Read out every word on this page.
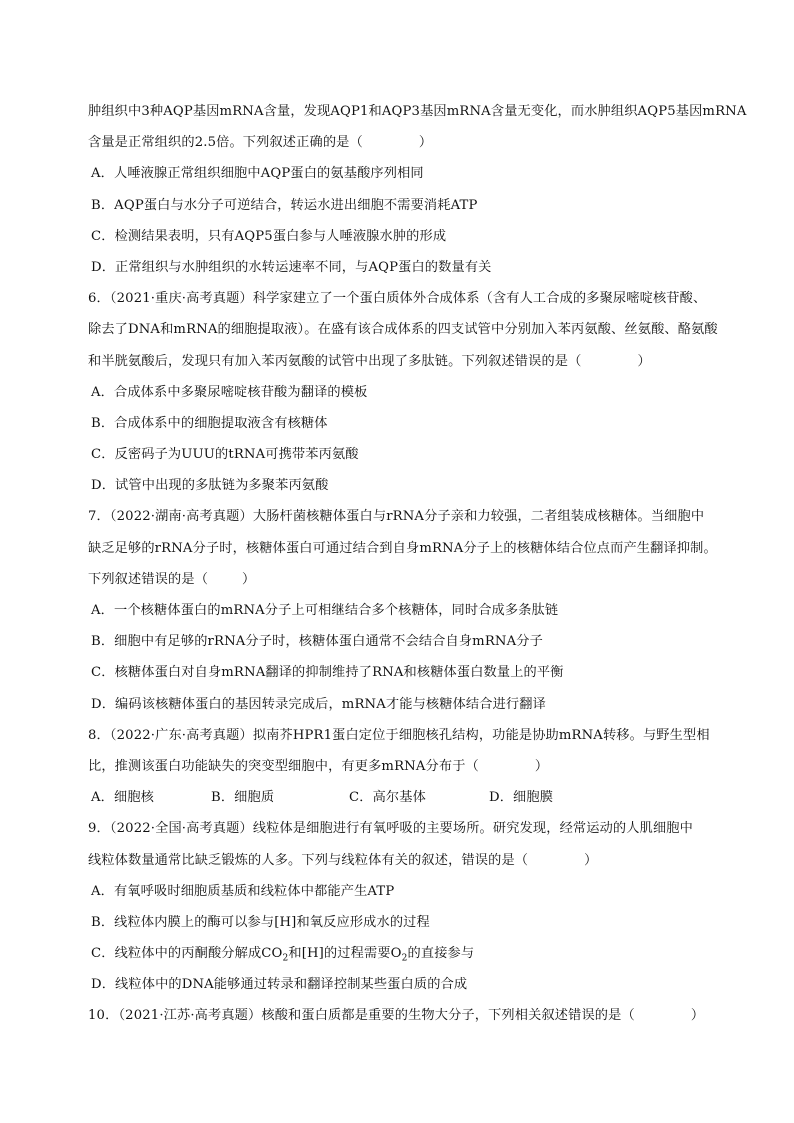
肿组织中3种AQP基因mRNA含量，发现AQP1和AQP3基因mRNA含量无变化，而水肿组织AQP5基因mRNA
含量是正常组织的2.5倍。下列叙述正确的是（	）
A．人唾液腺正常组织细胞中AQP蛋白的氨基酸序列相同
B．AQP蛋白与水分子可逆结合，转运水进出细胞不需要消耗ATP
C．检测结果表明，只有AQP5蛋白参与人唾液腺水肿的形成
D．正常组织与水肿组织的水转运速率不同，与AQP蛋白的数量有关
6．（2021·重庆·高考真题）科学家建立了一个蛋白质体外合成体系（含有人工合成的多聚尿嘧啶核苷酸、
除去了DNA和mRNA的细胞提取液）。在盛有该合成体系的四支试管中分别加入苯丙氨酸、丝氨酸、酪氨酸
和半胱氨酸后，发现只有加入苯丙氨酸的试管中出现了多肽链。下列叙述错误的是（	）
A．合成体系中多聚尿嘧啶核苷酸为翻译的模板
B．合成体系中的细胞提取液含有核糖体
C．反密码子为UUU的tRNA可携带苯丙氨酸
D．试管中出现的多肽链为多聚苯丙氨酸
7．（2022·湖南·高考真题）大肠杆菌核糖体蛋白与rRNA分子亲和力较强，二者组装成核糖体。当细胞中
缺乏足够的rRNA分子时，核糖体蛋白可通过结合到自身mRNA分子上的核糖体结合位点而产生翻译抑制。
下列叙述错误的是（	）
A．一个核糖体蛋白的mRNA分子上可相继结合多个核糖体，同时合成多条肽链
B．细胞中有足够的rRNA分子时，核糖体蛋白通常不会结合自身mRNA分子
C．核糖体蛋白对自身mRNA翻译的抑制维持了RNA和核糖体蛋白数量上的平衡
D．编码该核糖体蛋白的基因转录完成后，mRNA才能与核糖体结合进行翻译
8．（2022·广东·高考真题）拟南芥HPR1蛋白定位于细胞核孔结构，功能是协助mRNA转移。与野生型相
比，推测该蛋白功能缺失的突变型细胞中，有更多mRNA分布于（	）
A．细胞核	B．细胞质	C．高尔基体	D．细胞膜
9．（2022·全国·高考真题）线粒体是细胞进行有氧呼吸的主要场所。研究发现，经常运动的人肌细胞中
线粒体数量通常比缺乏锻炼的人多。下列与线粒体有关的叙述，错误的是（	）
A．有氧呼吸时细胞质基质和线粒体中都能产生ATP
B．线粒体内膜上的酶可以参与[H]和氧反应形成水的过程
C．线粒体中的丙酮酸分解成$CO_2$和[H]的过程需要$O_2$的直接参与
D．线粒体中的DNA能够通过转录和翻译控制某些蛋白质的合成
10．（2021·江苏·高考真题）核酸和蛋白质都是重要的生物大分子，下列相关叙述错误的是（	）
